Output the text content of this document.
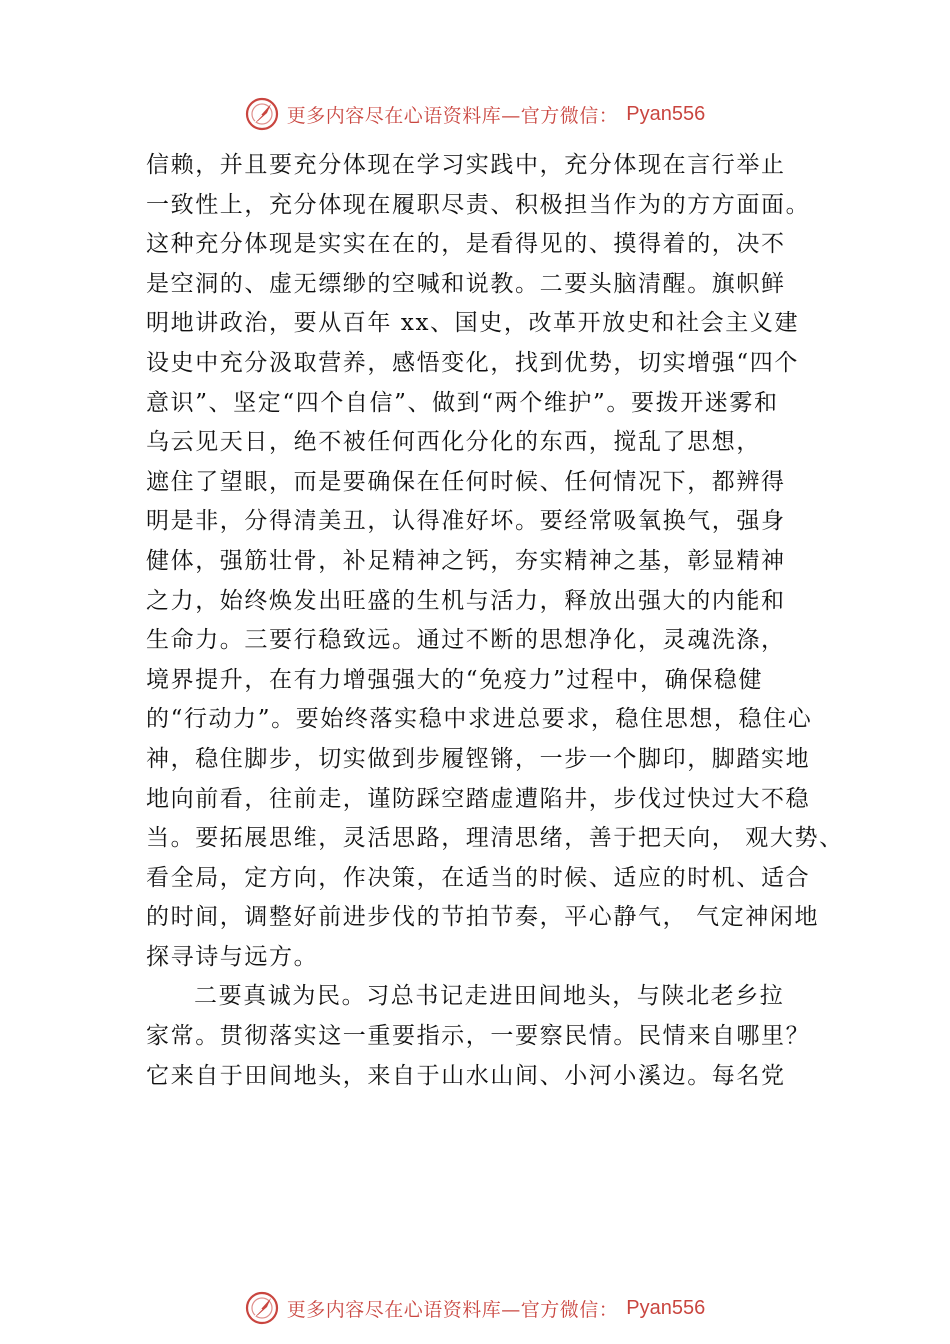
更多内容尽在心语资料库—官方微信： Pyan556
信赖，并且要充分体现在学习实践中，充分体现在言行举止
一致性上，充分体现在履职尽责、积极担当作为的方方面面。
这种充分体现是实实在在的，是看得见的、摸得着的，决不
是空洞的、虚无缥缈的空喊和说教。二要头脑清醒。旗帜鲜
明地讲政治，要从百年 xx、国史，改革开放史和社会主义建
设史中充分汲取营养，感悟变化，找到优势，切实增强“四个
意识”、坚定“四个自信”、做到“两个维护”。要拨开迷雾和
乌云见天日，绝不被任何西化分化的东西，搅乱了思想，
遮住了望眼，而是要确保在任何时候、任何情况下，都辨得
明是非，分得清美丑，认得准好坏。要经常吸氧换气，强身
健体，强筋壮骨，补足精神之钙，夯实精神之基，彰显精神
之力，始终焕发出旺盛的生机与活力，释放出强大的内能和
生命力。三要行稳致远。通过不断的思想净化，灵魂洗涤，
境界提升，在有力增强强大的“免疫力”过程中，确保稳健
的“行动力”。要始终落实稳中求进总要求，稳住思想，稳住心
神，稳住脚步，切实做到步履铿锵，一步一个脚印，脚踏实地
地向前看，往前走，谨防踩空踏虚遭陷井，步伐过快过大不稳
当。要拓展思维，灵活思路，理清思绪，善于把天向， 观大势、
看全局，定方向，作决策，在适当的时候、适应的时机、适合
的时间，调整好前进步伐的节拍节奏，平心静气， 气定神闲地
探寻诗与远方。
二要真诚为民。习总书记走进田间地头，与陕北老乡拉
家常。贯彻落实这一重要指示，一要察民情。民情来自哪里？
它来自于田间地头，来自于山水山间、小河小溪边。每名党
更多内容尽在心语资料库—官方微信： Pyan556
